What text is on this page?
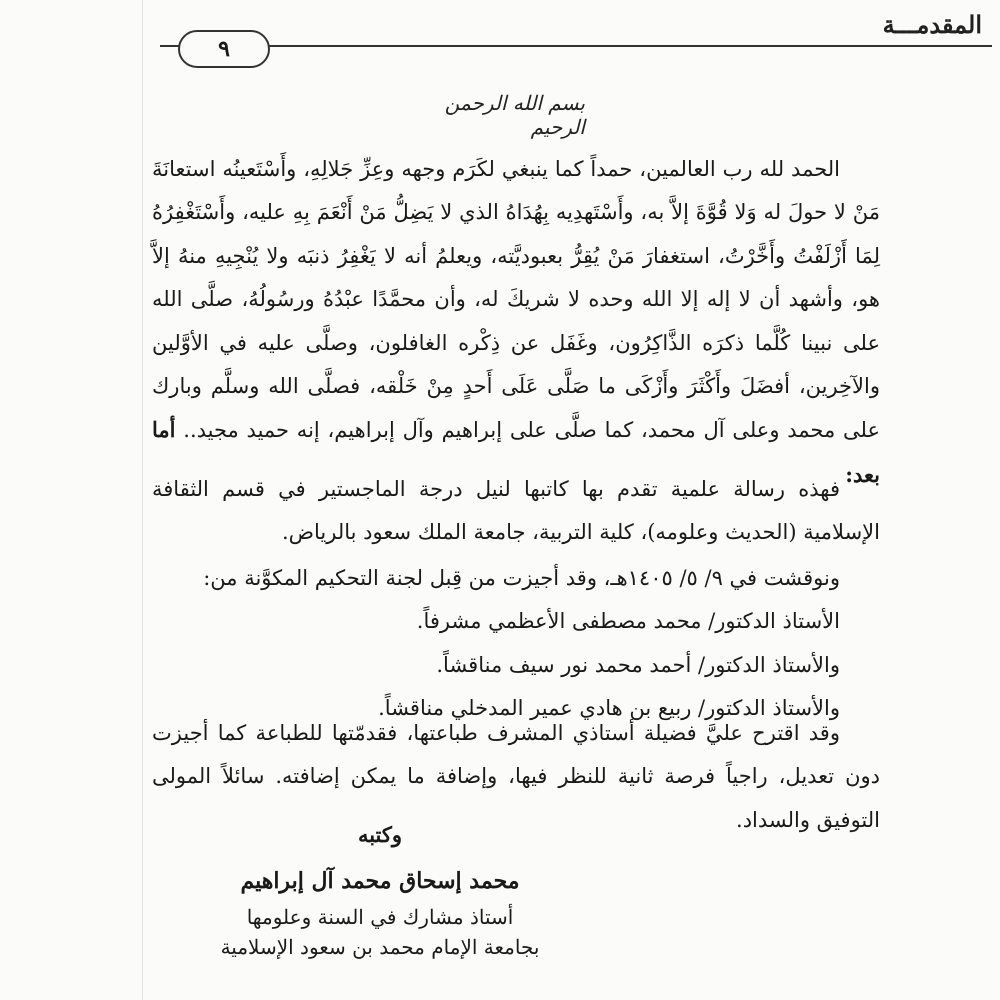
المقدمـــة
٩
بسم الله الرحمن الرحيم

الحمد لله رب العالمين، حمداً كما ينبغي لكَرَم وجهه وعِزِّ جَلالِهِ، وأَسْتَعينُه استعانَةَ مَنْ لا حولَ له وَلا قُوَّةَ إلاَّ به، وأَسْتَهدِيه بِهُدَاهُ الذي لا يَضِلُّ مَنْ أَنْعَمَ بِهِ عليه، وأَسْتَغْفِرُهُ لِمَا أَزْلَفْتُ وأَخَّرْتُ، استغفارَ مَنْ يُقِرُّ بعبوديَّته، ويعلمُ أنه لا يَغْفِرُ ذنبَه ولا يُنْجِيهِ منهُ إلاَّ هو، وأشهد أن لا إله إلا الله وحده لا شريكَ له، وأن محمَّدًا عبْدُهُ ورسُولُهُ، صلَّى الله على نبينا كُلَّما ذكرَه الذَّاكِرُون، وغَفَل عن ذِكْره الغافلون، وصلَّى عليه في الأوَّلين والآخِرين، أفضَلَ وأَكْثَرَ وأَزْكَى ما صَلَّى عَلَى أَحدٍ مِنْ خَلْقه، فصلَّى الله وسلَّم وبارك على محمد وعلى آل محمد، كما صلَّى على إبراهيم وآل إبراهيم، إنه حميد مجيد.. أما بعد:

فهذه رسالة علمية تقدم بها كاتبها لنيل درجة الماجستير في قسم الثقافة الإسلامية (الحديث وعلومه)، كلية التربية، جامعة الملك سعود بالرياض.

ونوقشت في ٩/ ٥/ ١٤٠٥هـ، وقد أجيزت من قِبل لجنة التحكيم المكوَّنة من:

الأستاذ الدكتور/ محمد مصطفى الأعظمي مشرفاً.

والأستاذ الدكتور/ أحمد محمد نور سيف مناقشاً.

والأستاذ الدكتور/ ربيع بن هادي عمير المدخلي مناقشاً.

وقد اقترح عليَّ فضيلة أستاذي المشرف طباعتها، فقدمّتها للطباعة كما أجيزت دون تعديل، راجياً فرصة ثانية للنظر فيها، وإضافة ما يمكن إضافته. سائلاً المولى التوفيق والسداد.

وكتبه
محمد إسحاق محمد آل إبراهيم
أستاذ مشارك في السنة وعلومها
بجامعة الإمام محمد بن سعود الإسلامية
